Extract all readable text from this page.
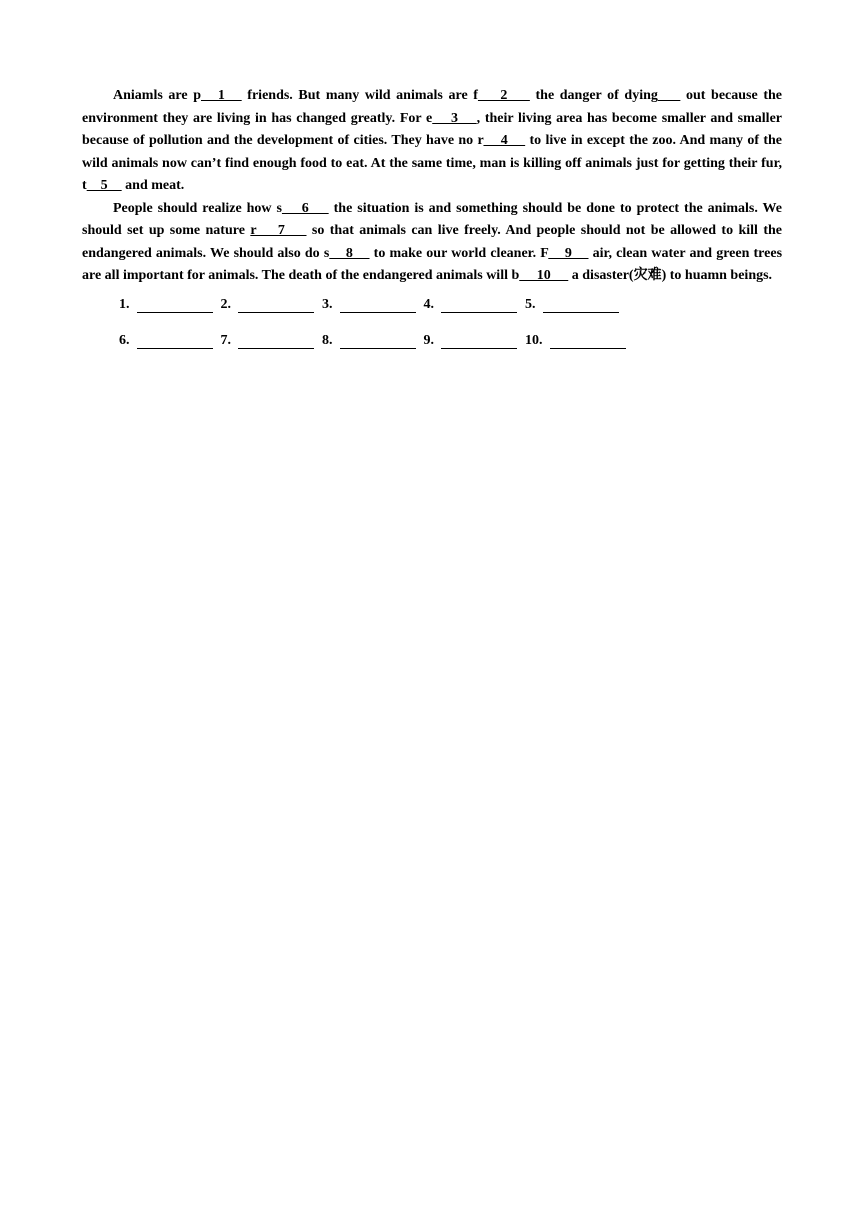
Aniamls are p   1    friends. But many wild animals are f    2     the danger of dying     out because the environment they are living in has changed greatly. For e    3    , their living area has become smaller and smaller because of pollution and the development of cities. They have no r    4     to live in except the zoo. And many of the wild animals now can’t find enough food to eat. At the same time, man is killing off animals just for getting their fur, t    5     and meat.

People should realize how s    6     the situation is and something should be done to protect the animals. We should set up some nature r    7     so that animals can live freely. And people should not be allowed to kill the endangered animals. We should also do s    8     to make our world cleaner. F    9     air, clean water and green trees are all important for animals. The death of the endangered animals will b     10      a disaster(灾难) to huamn beings.

1.	2.	3.	4.	5.
6.	7.	8.	9.	10.
